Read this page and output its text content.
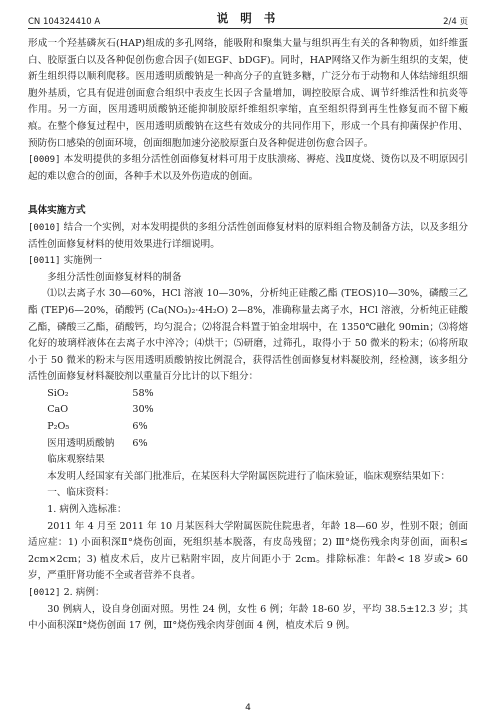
CN 104324410 A	说 明 书	2/4 页

形成一个羟基磷灰石(HAP)组成的多孔网络，能吸附和聚集大量与组织再生有关的各种物质，如纤维蛋白、胶原蛋白以及各种促创伤愈合因子(如EGF、bDGF)。同时，HAP网络又作为新生组织的支架，使新生组织得以顺利爬移。医用透明质酸钠是一种高分子的直链多糖，广泛分布于动物和人体结缔组织细胞外基质，它具有促进创面愈合组织中表皮生长因子含量增加，调控胶原合成、调节纤维活性和抗炎等作用。另一方面，医用透明质酸钠还能抑制胶原纤维组织挛缩，直至组织得到再生性修复而不留下瘢痕。在整个修复过程中，医用透明质酸钠在这些有效成分的共同作用下，形成一个具有抑菌保护作用、预防伤口感染的创面环境，创面细胞加速分泌胶原蛋白及各种促进创伤愈合因子。

[0009] 本发明提供的多组分活性创面修复材料可用于皮肤溃疡、褥疮、浅Ⅱ度烧、烫伤以及不明原因引起的难以愈合的创面，各种手术以及外伤造成的创面。

具体实施方式

[0010] 结合一个实例，对本发明提供的多组分活性创面修复材料的原料组合物及制备方法，以及多组分活性创面修复材料的使用效果进行详细说明。

[0011] 实施例一

多组分活性创面修复材料的制备

⑴以去离子水 30—60%，HCl 溶液 10—30%，分析纯正硅酸乙酯 (TEOS)10—30%，磷酸三乙酯 (TEP)6—20%，硝酸钙 (Ca(NO₃)₂·4H₂O) 2—8%，准确称量去离子水，HCl 溶液，分析纯正硅酸乙酯，磷酸三乙酯，硝酸钙，均匀混合；⑵将混合料置于铂金坩埚中，在 1350℃融化 90min；⑶将熔化好的玻璃样液体在去离子水中淬冷；⑷烘干；⑸研磨，过筛孔，取得小于 50 微米的粉末；⑹将所取小于 50 微米的粉末与医用透明质酸钠按比例混合，获得活性创面修复材料凝胶剂，经检测，该多组分活性创面修复材料凝胶剂以重量百分比计的以下组分：

SiO₂	58%
CaO	30%
P₂O₅	6%
医用透明质酸钠	6%

临床观察结果

本发明人经国家有关部门批准后，在某医科大学附属医院进行了临床验证，临床观察结果如下：

一、临床资料：

1. 病例入选标准：

2011 年 4 月至 2011 年 10 月某医科大学附属医院住院患者，年龄 18—60 岁，性别不限；创面适应症：1) 小面积深Ⅱ°烧伤创面，死组织基本脱落，有皮岛残留；2) Ⅲ°烧伤残余肉芽创面，面积≤ 2cm×2cm；3) 植皮术后，皮片已粘附牢固，皮片间距小于 2cm。排除标准：年龄< 18 岁或> 60 岁，严重肝肾功能不全或者营养不良者。

[0012] 2. 病例：

30 例病人，设自身创面对照。男性 24 例，女性 6 例；年龄 18-60 岁，平均 38.5±12.3 岁；其中小面积深Ⅱ°烧伤创面 17 例，Ⅲ°烧伤残余肉芽创面 4 例，植皮术后 9 例。

4
